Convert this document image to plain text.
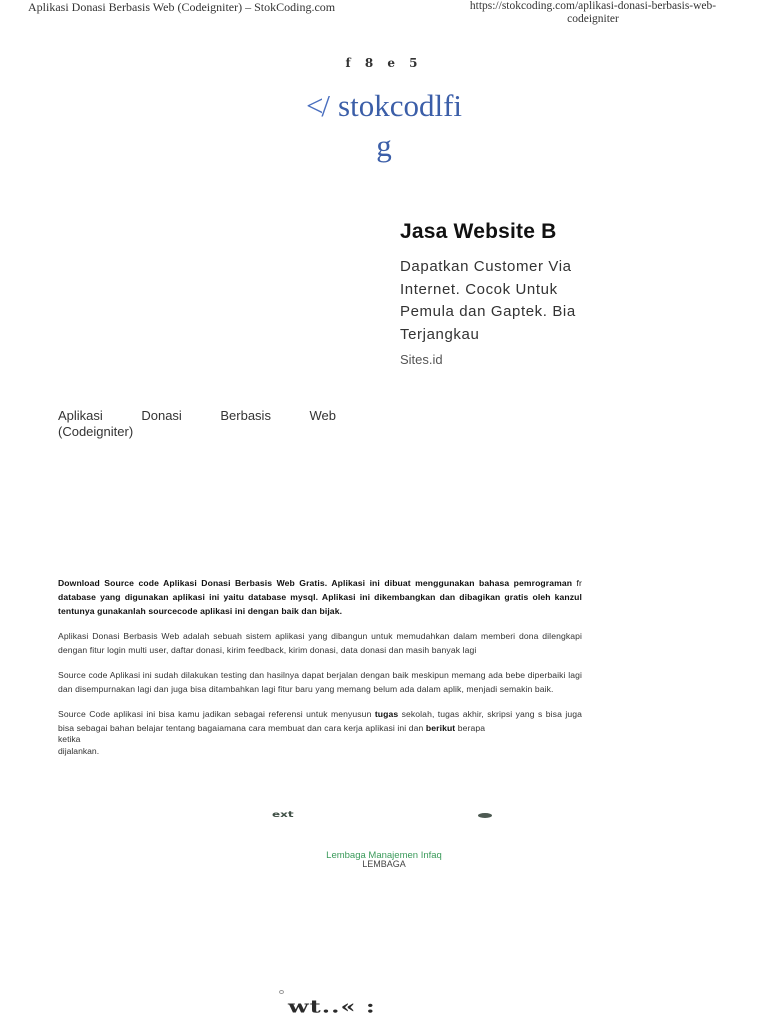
Aplikasi Donasi Berbasis Web (Codeigniter) – StokCoding.com	https://stokcoding.com/aplikasi-donasi-berbasis-web-
codeigniter
f 8 e 5
</ stokcodlfi
g
Jasa Website B
Dapatkan Customer Via Internet. Cocok Untuk Pemula dan Gaptek. Bia Terjangkau
Sites.id
Aplikasi Donasi Berbasis Web
(Codeigniter)

Download Source code Aplikasi Donasi Berbasis Web Gratis. Aplikasi ini dibuat menggunakan bahasa pemrograman fr database yang digunakan aplikasi ini yaitu database mysql. Aplikasi ini dikembangkan dan dibagikan gratis oleh kanzul tentunya gunakanlah sourcecode aplikasi ini dengan baik dan bijak.

Aplikasi Donasi Berbasis Web adalah sebuah sistem aplikasi yang dibangun untuk memudahkan dalam memberi dona dilengkapi dengan fitur login multi user, daftar donasi, kirim feedback, kirim donasi, data donasi dan masih banyak lagi

Source code Aplikasi ini sudah dilakukan testing dan hasilnya dapat berjalan dengan baik meskipun memang ada bebe diperbaiki lagi dan disempurnakan lagi dan juga bisa ditambahkan lagi fitur baru yang memang belum ada dalam aplik, menjadi semakin baik.

Source Code aplikasi ini bisa kamu jadikan sebagai referensi untuk menyusun tugas sekolah, tugas akhir, skripsi yang s bisa juga bisa sebagai bahan belajar tentang bagaiamana cara membuat dan cara kerja aplikasi ini dan berikut berapa

ketika
dijalankan.
ext
Lembaga Manajemen Infaq
LEMBAGA
wt..« :
